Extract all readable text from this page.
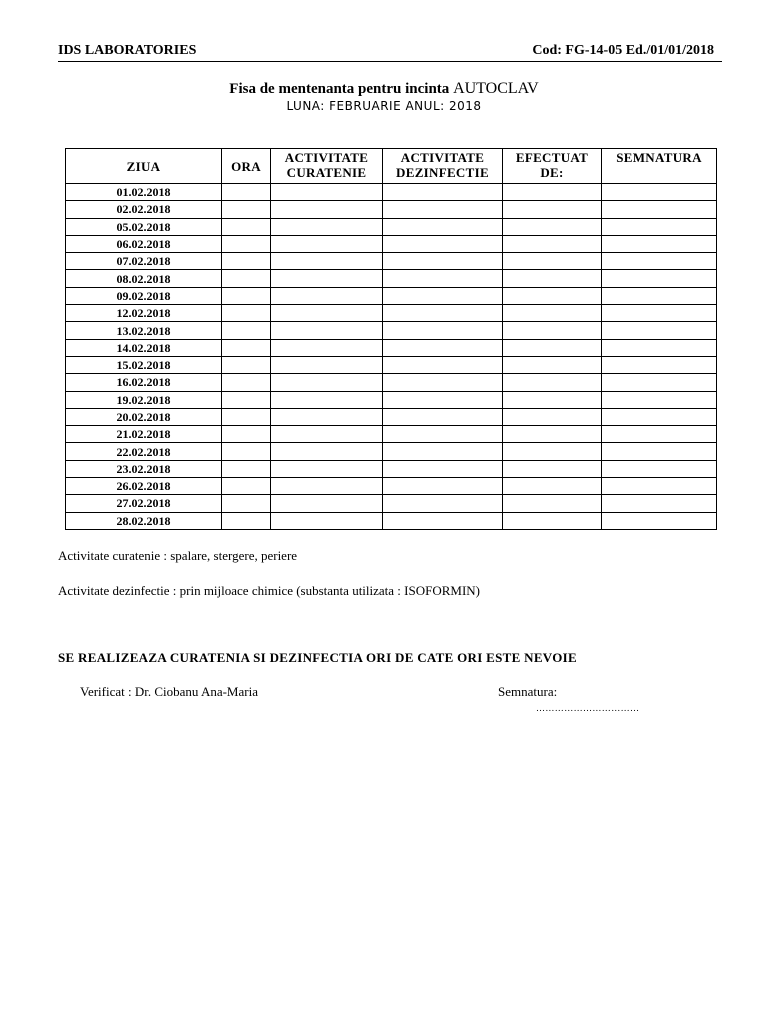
IDS LABORATORIES	Cod: FG-14-05 Ed./01/01/2018
Fisa de mentenanta pentru incinta AUTOCLAV
LUNA: FEBRUARIE ANUL: 2018
ZIUA	ORA	ACTIVITATE CURATENIE	ACTIVITATE DEZINFECTIE	EFECTUAT DE:	SEMNATURA
01.02.2018					
02.02.2018					
05.02.2018					
06.02.2018					
07.02.2018					
08.02.2018					
09.02.2018					
12.02.2018					
13.02.2018					
14.02.2018					
15.02.2018					
16.02.2018					
19.02.2018					
20.02.2018					
21.02.2018					
22.02.2018					
23.02.2018					
26.02.2018					
27.02.2018					
28.02.2018					
Activitate curatenie : spalare, stergere, periere
Activitate dezinfectie : prin mijloace chimice (substanta utilizata : ISOFORMIN)
SE REALIZEAZA CURATENIA SI DEZINFECTIA ORI DE CATE ORI ESTE NEVOIE
Verificat : Dr. Ciobanu Ana-Maria	Semnatura:
……………………………
